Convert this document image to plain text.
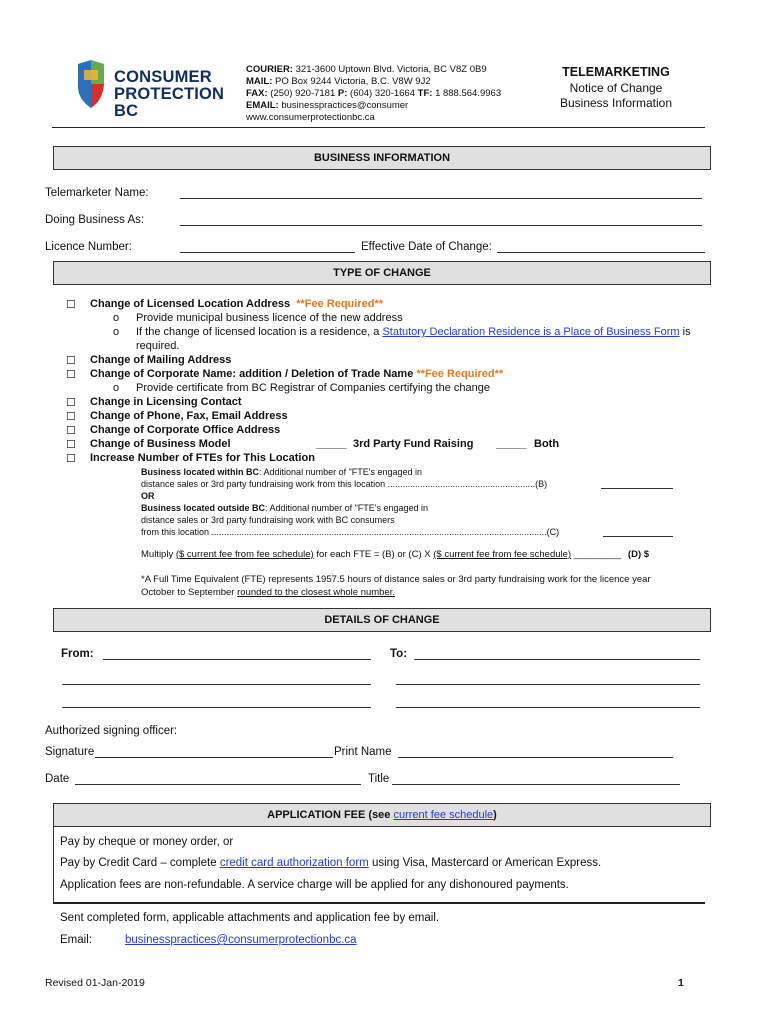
CONSUMER
PROTECTION BC
COURIER: 321-3600 Uptown Blvd. Victoria, BC V8Z 0B9
MAIL: PO Box 9244 Victoria, B.C. V8W 9J2
FAX: (250) 920-7181 P: (604) 320-1664 TF: 1 888.564.9963
EMAIL: businesspractices@consumer
www.consumerprotectionbc.ca
TELEMARKETING
Notice of Change
Business Information
BUSINESS INFORMATION
Telemarketer Name:
Doing Business As:
Licence Number:	Effective Date of Change:
TYPE OF CHANGE
☐ Change of Licensed Location Address **Fee Required**
o Provide municipal business licence of the new address
o If the change of licensed location is a residence, a Statutory Declaration Residence is a Place of Business Form is
required.
☐ Change of Mailing Address
☐ Change of Corporate Name: addition / Deletion of Trade Name **Fee Required**
o Provide certificate from BC Registrar of Companies certifying the change
☐ Change in Licensing Contact
☐ Change of Phone, Fax, Email Address
☐ Change of Corporate Office Address
☐ Change of Business Model	_____ 3rd Party Fund Raising _____ Both
☐ Increase Number of FTEs for This Location
Business located within BC: Additional number of "FTE's engaged in
distance sales or 3rd party fundraising work from this location ...........................................................(B)
OR
Business located outside BC: Additional number of "FTE's engaged in
distance sales or 3rd party fundraising work with BC consumers
from this location ......................................................................................................................................(C)
Multiply ($ current fee from fee schedule) for each FTE = (B) or (C) X ($ current fee from fee schedule) _________ (D) $
*A Full Time Equivalent (FTE) represents 1957.5 hours of distance sales or 3rd party fundraising work for the licence year
October to September rounded to the closest whole number.
DETAILS OF CHANGE
From:	To:
Authorized signing officer:
Signature	Print Name
Date	Title
APPLICATION FEE (see current fee schedule)
Pay by cheque or money order, or
Pay by Credit Card – complete credit card authorization form using Visa, Mastercard or American Express.
Application fees are non-refundable. A service charge will be applied for any dishonoured payments.
Sent completed form, applicable attachments and application fee by email.
Email:	businesspractices@consumerprotectionbc.ca
Revised 01-Jan-2019	1
